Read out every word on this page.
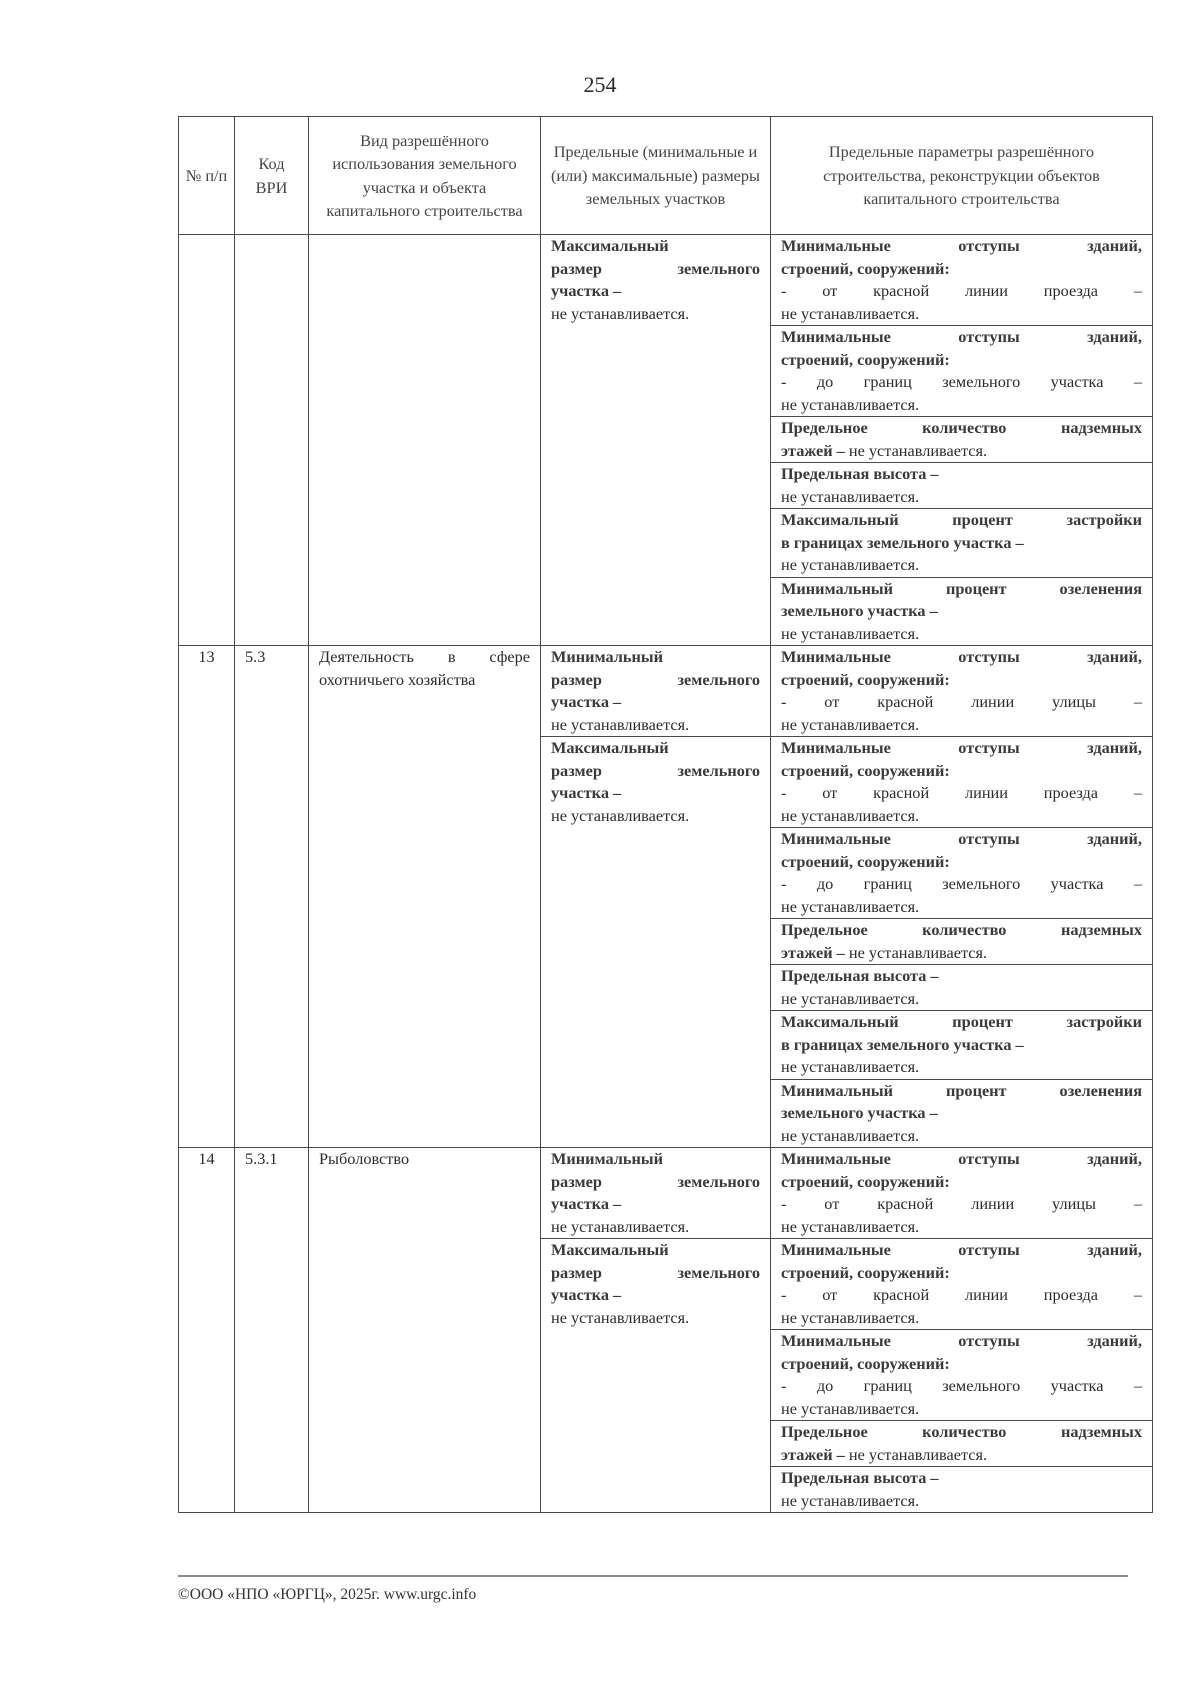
254
№ п/п	Код ВРИ	Вид разрешённого использования земельного участка и объекта капитального строительства	Предельные (минимальные и (или) максимальные) размеры земельных участков	Предельные параметры разрешённого строительства, реконструкции объектов капитального строительства
			Максимальный

размер земельного
участка –
не устанавливается.	Минимальные отступы зданий,
строений, сооружений:
- от красной линии проезда –
не устанавливается.

				Минимальные отступы зданий,
строений, сооружений:
- до границ земельного участка –
не устанавливается.

				Предельное количество надземных
этажей – не устанавливается.
				Предельная высота –
не устанавливается.

				Максимальный процент застройки
в границах земельного участка –
не устанавливается.

				Минимальный процент озеленения
земельного участка –
не устанавливается.
13	5.3	Деятельность в сфере охотничьего хозяйства	Минимальный

размер земельного
участка –
не устанавливается.	Минимальные отступы зданий,
строений, сооружений:
- от красной линии улицы –
не устанавливается.
			Максимальный

размер земельного
участка –
не устанавливается.	Минимальные отступы зданий,
строений, сооружений:
- от красной линии проезда –
не устанавливается.

				Минимальные отступы зданий,
строений, сооружений:
- до границ земельного участка –
не устанавливается.

				Предельное количество надземных
этажей – не устанавливается.
				Предельная высота –
не устанавливается.

				Максимальный процент застройки
в границах земельного участка –
не устанавливается.

				Минимальный процент озеленения
земельного участка –
не устанавливается.
14	5.3.1	Рыболовство	Минимальный

размер земельного
участка –
не устанавливается.	Минимальные отступы зданий,
строений, сооружений:
- от красной линии улицы –
не устанавливается.
			Максимальный

размер земельного
участка –
не устанавливается.	Минимальные отступы зданий,
строений, сооружений:
- от красной линии проезда –
не устанавливается.

				Минимальные отступы зданий,
строений, сооружений:
- до границ земельного участка –
не устанавливается.

				Предельное количество надземных
этажей – не устанавливается.
				Предельная высота –
не устанавливается.
©ООО «НПО «ЮРГЦ», 2025г. www.urgc.info
